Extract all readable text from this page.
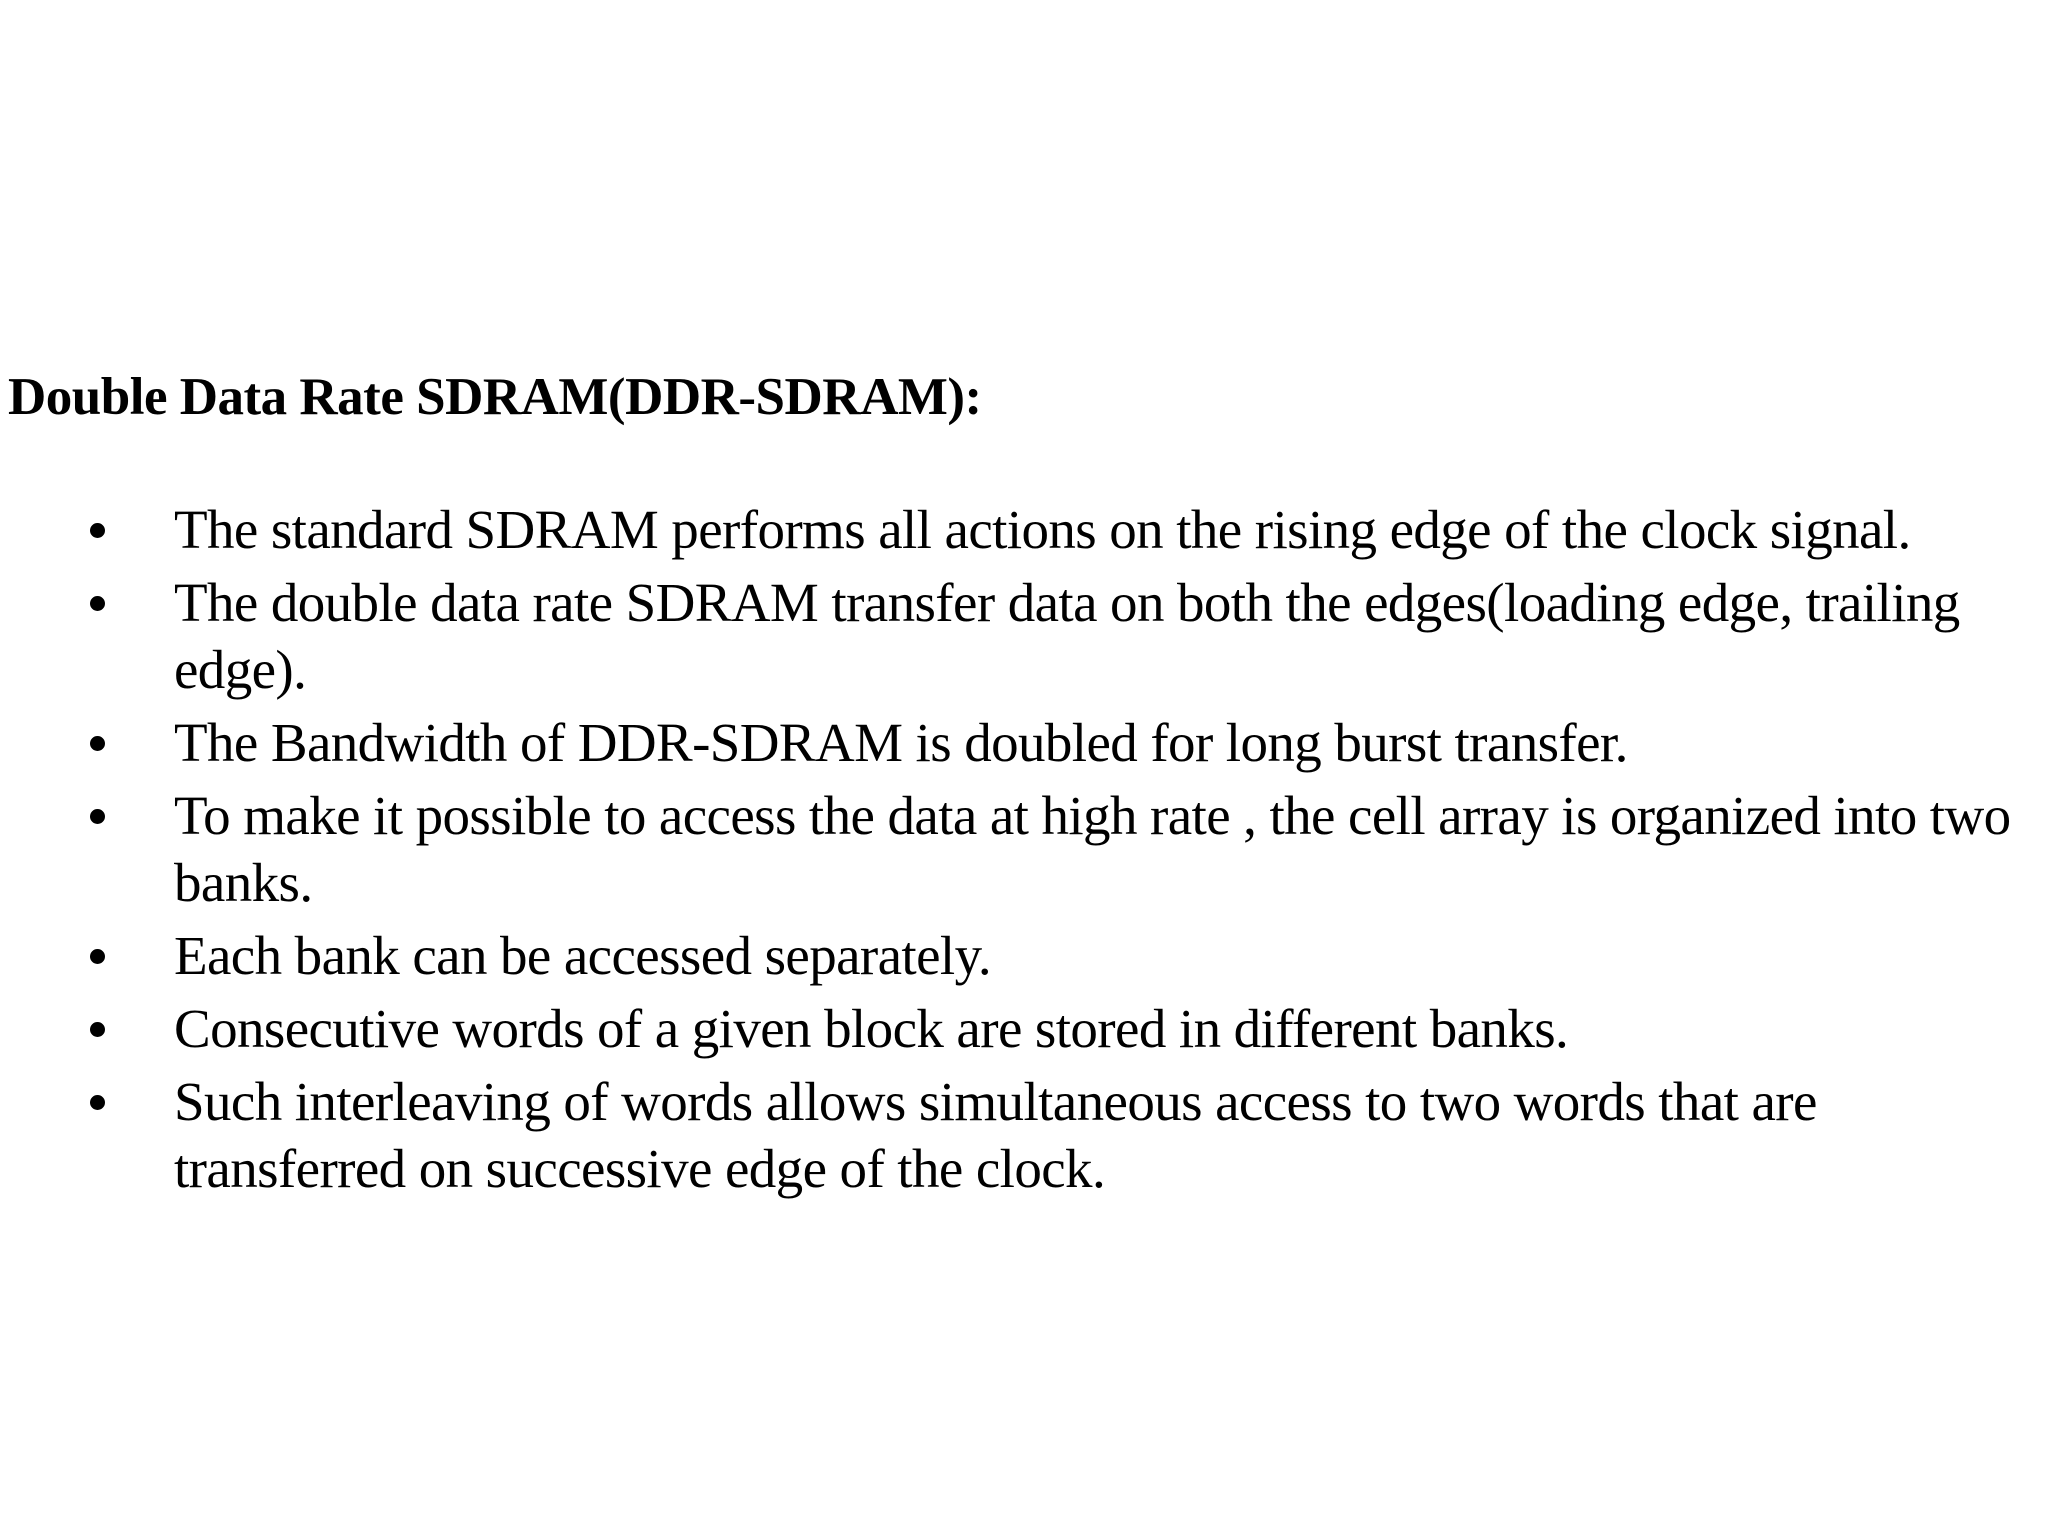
Double Data Rate SDRAM(DDR-SDRAM):
The standard SDRAM performs all actions on the rising edge of the clock signal.
The double data rate SDRAM transfer data on both the edges(loading edge, trailing edge).
The Bandwidth of DDR-SDRAM is doubled for long burst transfer.
To make it possible to access the data at high rate , the cell array is organized into two banks.
Each bank can be accessed separately.
Consecutive words of a given block are stored in different banks.
Such interleaving of words allows simultaneous access to two words that are transferred on successive edge of the clock.
